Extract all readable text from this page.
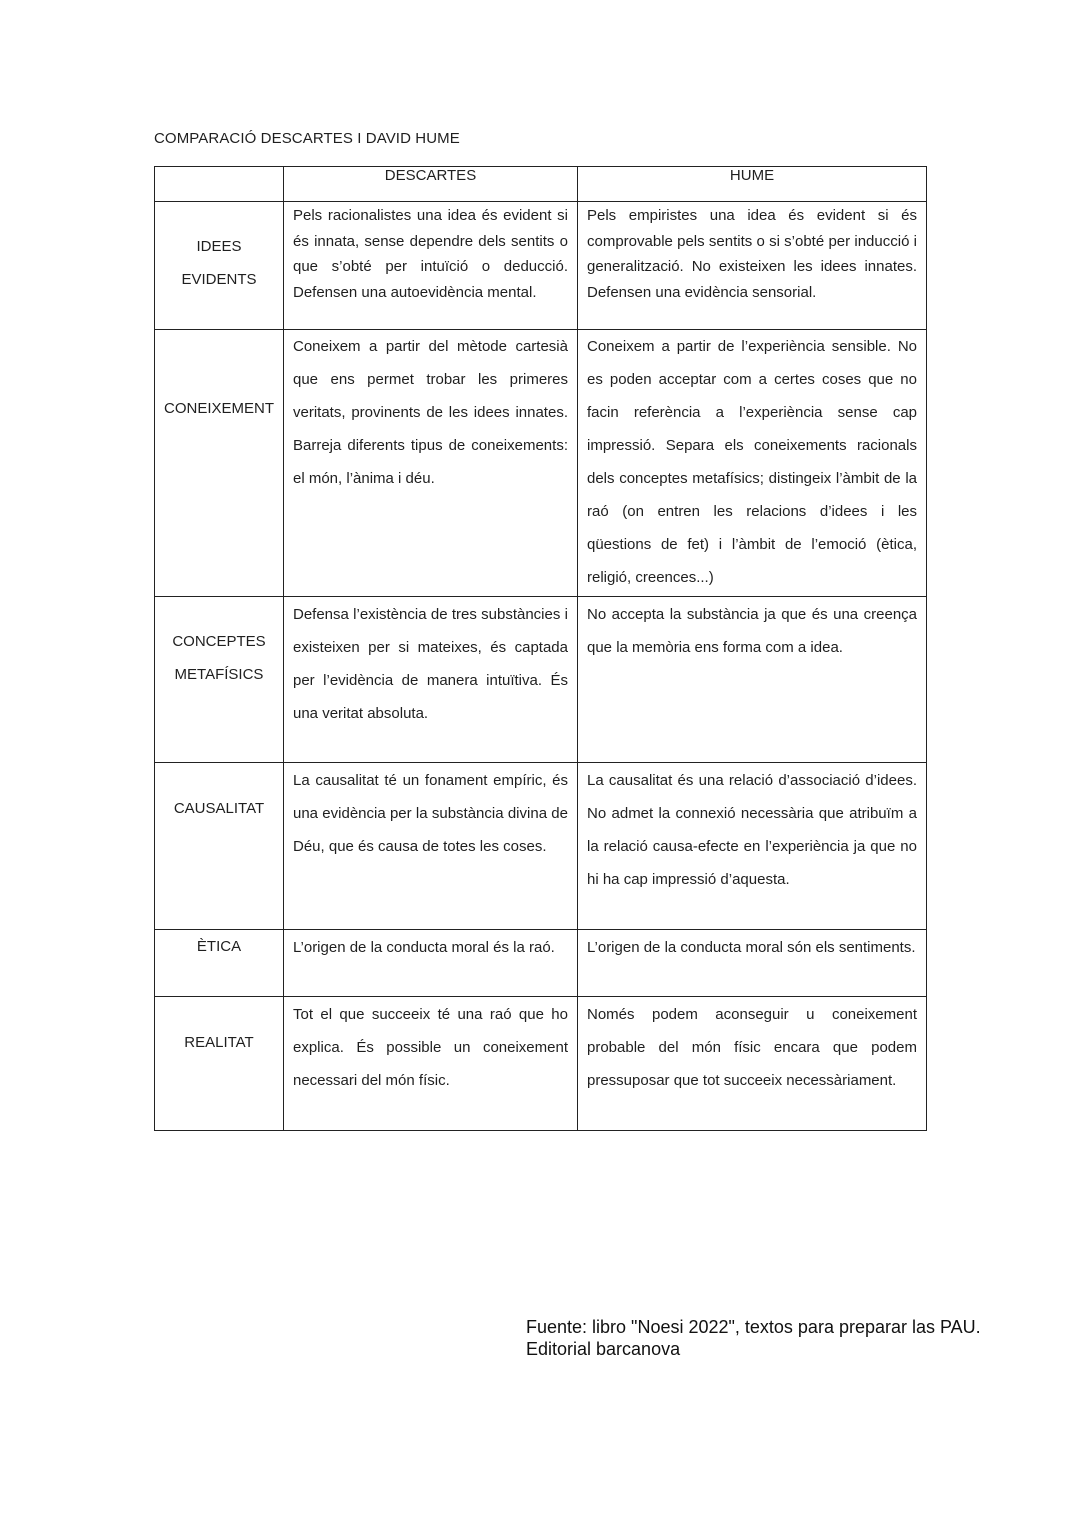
COMPARACIÓ DESCARTES I DAVID HUME
	DESCARTES	HUME

IDEES
EVIDENTS	Pels racionalistes una idea és evident si és innata, sense dependre dels sentits o que s’obté per intuïció o deducció. Defensen una autoevidència mental.	Pels empiristes una idea és evident si és comprovable pels sentits o si s’obté per inducció i generalització. No existeixen les idees innates. Defensen una evidència sensorial.

CONEIXEMENT	Coneixem a partir del mètode cartesià que ens permet trobar les primeres veritats, provinents de les idees innates. Barreja diferents tipus de coneixements: el món, l’ànima i déu.	Coneixem a partir de l’experiència sensible. No es poden acceptar com a certes coses que no facin referència a l’experiència sense cap impressió. Separa els coneixements racionals dels conceptes metafísics; distingeix l’àmbit de la raó (on entren les relacions d’idees i les qüestions de fet) i l’àmbit de l’emoció (ètica, religió, creences...)

CONCEPTES
METAFÍSICS	Defensa l’existència de tres substàncies i existeixen per si mateixes, és captada per l’evidència de manera intuïtiva. És una veritat absoluta.	No accepta la substància ja que és una creença que la memòria ens forma com a idea.

CAUSALITAT	La causalitat té un fonament empíric, és una evidència per la substància divina de Déu, que és causa de totes les coses.	La causalitat és una relació d’associació d’idees. No admet la connexió necessària que atribuïm a la relació causa-efecte en l’experiència ja que no hi ha cap impressió d’aquesta.

ÈTICA	L’origen de la conducta moral és la raó.	L’origen de la conducta moral són els sentiments.

REALITAT	Tot el que succeeix té una raó que ho explica. És possible un coneixement necessari del món físic.	Només podem aconseguir u coneixement probable del món físic encara que podem pressuposar que tot succeeix necessàriament.
Fuente: libro "Noesi 2022", textos para preparar las PAU.
Editorial barcanova
